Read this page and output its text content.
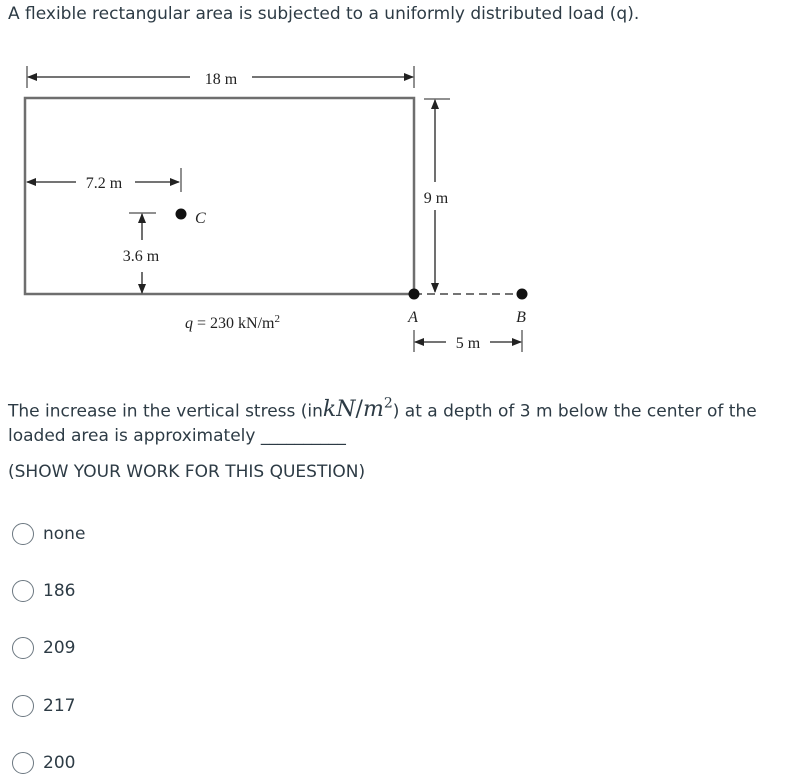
A flexible rectangular area is subjected to a uniformly distributed load (q).
18 m
9 m
7.2 m
3.6 m
C
A	B
q = 230 $kN/m^2$
5 m
The increase in the vertical stress $(inkN/m^2)$ at a depth of 3 m below the center of the loaded area is approximately __________
(SHOW YOUR WORK FOR THIS QUESTION)
none
186
209
217
200
